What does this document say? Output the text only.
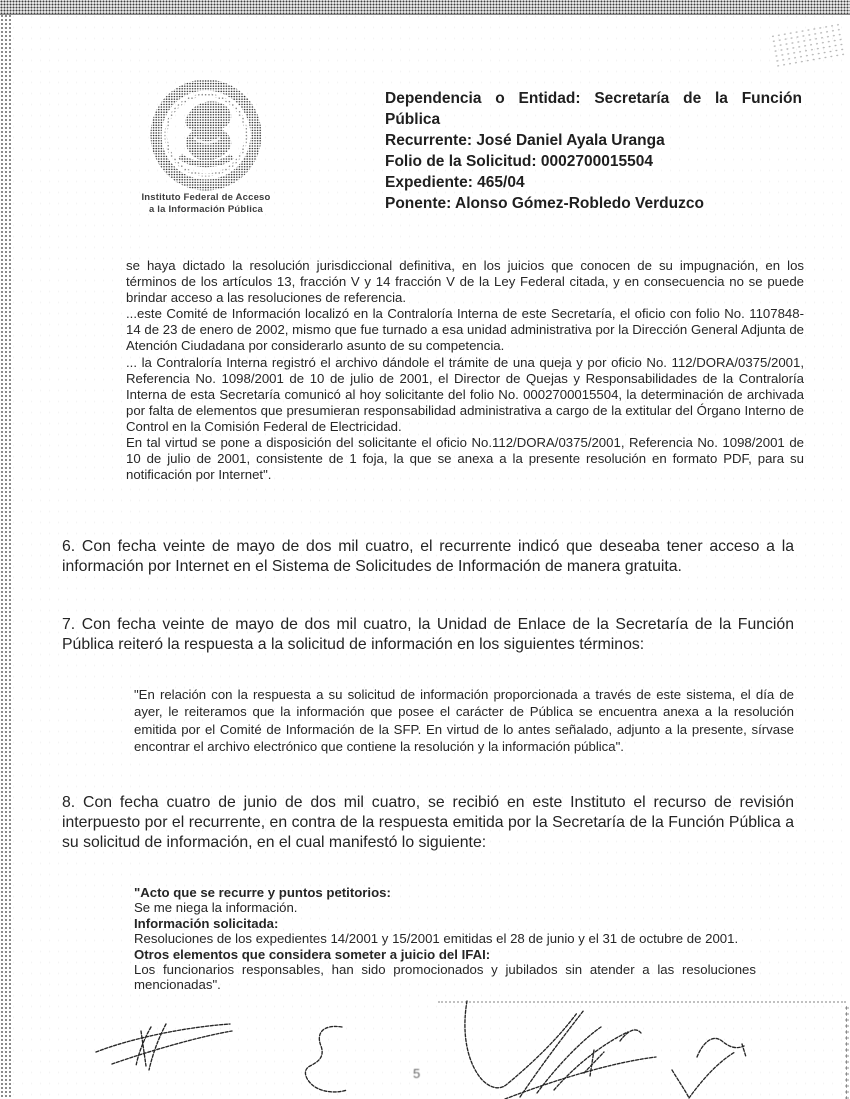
Instituto Federal de Acceso
a la Información Pública
Dependencia o Entidad: Secretaría de la Función Pública
Recurrente: José Daniel Ayala Uranga
Folio de la Solicitud: 0002700015504
Expediente: 465/04
Ponente: Alonso Gómez-Robledo Verduzco

se haya dictado la resolución jurisdiccional definitiva, en los juicios que conocen de su impugnación, en los términos de los artículos 13, fracción V y 14 fracción V de la Ley Federal citada, y en consecuencia no se puede brindar acceso a las resoluciones de referencia.

...este Comité de Información localizó en la Contraloría Interna de este Secretaría, el oficio con folio No. 1107848-14 de 23 de enero de 2002, mismo que fue turnado a esa unidad administrativa por la Dirección General Adjunta de Atención Ciudadana por considerarlo asunto de su competencia.

... la Contraloría Interna registró el archivo dándole el trámite de una queja y por oficio No. 112/DORA/0375/2001, Referencia No. 1098/2001 de 10 de julio de 2001, el Director de Quejas y Responsabilidades de la Contraloría Interna de esta Secretaría comunicó al hoy solicitante del folio No. 0002700015504, la determinación de archivada por falta de elementos que presumieran responsabilidad administrativa a cargo de la extitular del Órgano Interno de Control en la Comisión Federal de Electricidad.

En tal virtud se pone a disposición del solicitante el oficio No.112/DORA/0375/2001, Referencia No. 1098/2001 de 10 de julio de 2001, consistente de 1 foja, la que se anexa a la presente resolución en formato PDF, para su notificación por Internet".

6. Con fecha veinte de mayo de dos mil cuatro, el recurrente indicó que deseaba tener acceso a la información por Internet en el Sistema de Solicitudes de Información de manera gratuita.

7. Con fecha veinte de mayo de dos mil cuatro, la Unidad de Enlace de la Secretaría de la Función Pública reiteró la respuesta a la solicitud de información en los siguientes términos:

"En relación con la respuesta a su solicitud de información proporcionada a través de este sistema, el día de ayer, le reiteramos que la información que posee el carácter de Pública se encuentra anexa a la resolución emitida por el Comité de Información de la SFP. En virtud de lo antes señalado, adjunto a la presente, sírvase encontrar el archivo electrónico que contiene la resolución y la información pública".

8. Con fecha cuatro de junio de dos mil cuatro, se recibió en este Instituto el recurso de revisión interpuesto por el recurrente, en contra de la respuesta emitida por la Secretaría de la Función Pública a su solicitud de información, en el cual manifestó lo siguiente:

"Acto que se recurre y puntos petitorios:

Se me niega la información.

Información solicitada:

Resoluciones de los expedientes 14/2001 y 15/2001 emitidas el 28 de junio y el 31 de octubre de 2001.

Otros elementos que considera someter a juicio del IFAI:

Los funcionarios responsables, han sido promocionados y jubilados sin atender a las resoluciones mencionadas".

5
